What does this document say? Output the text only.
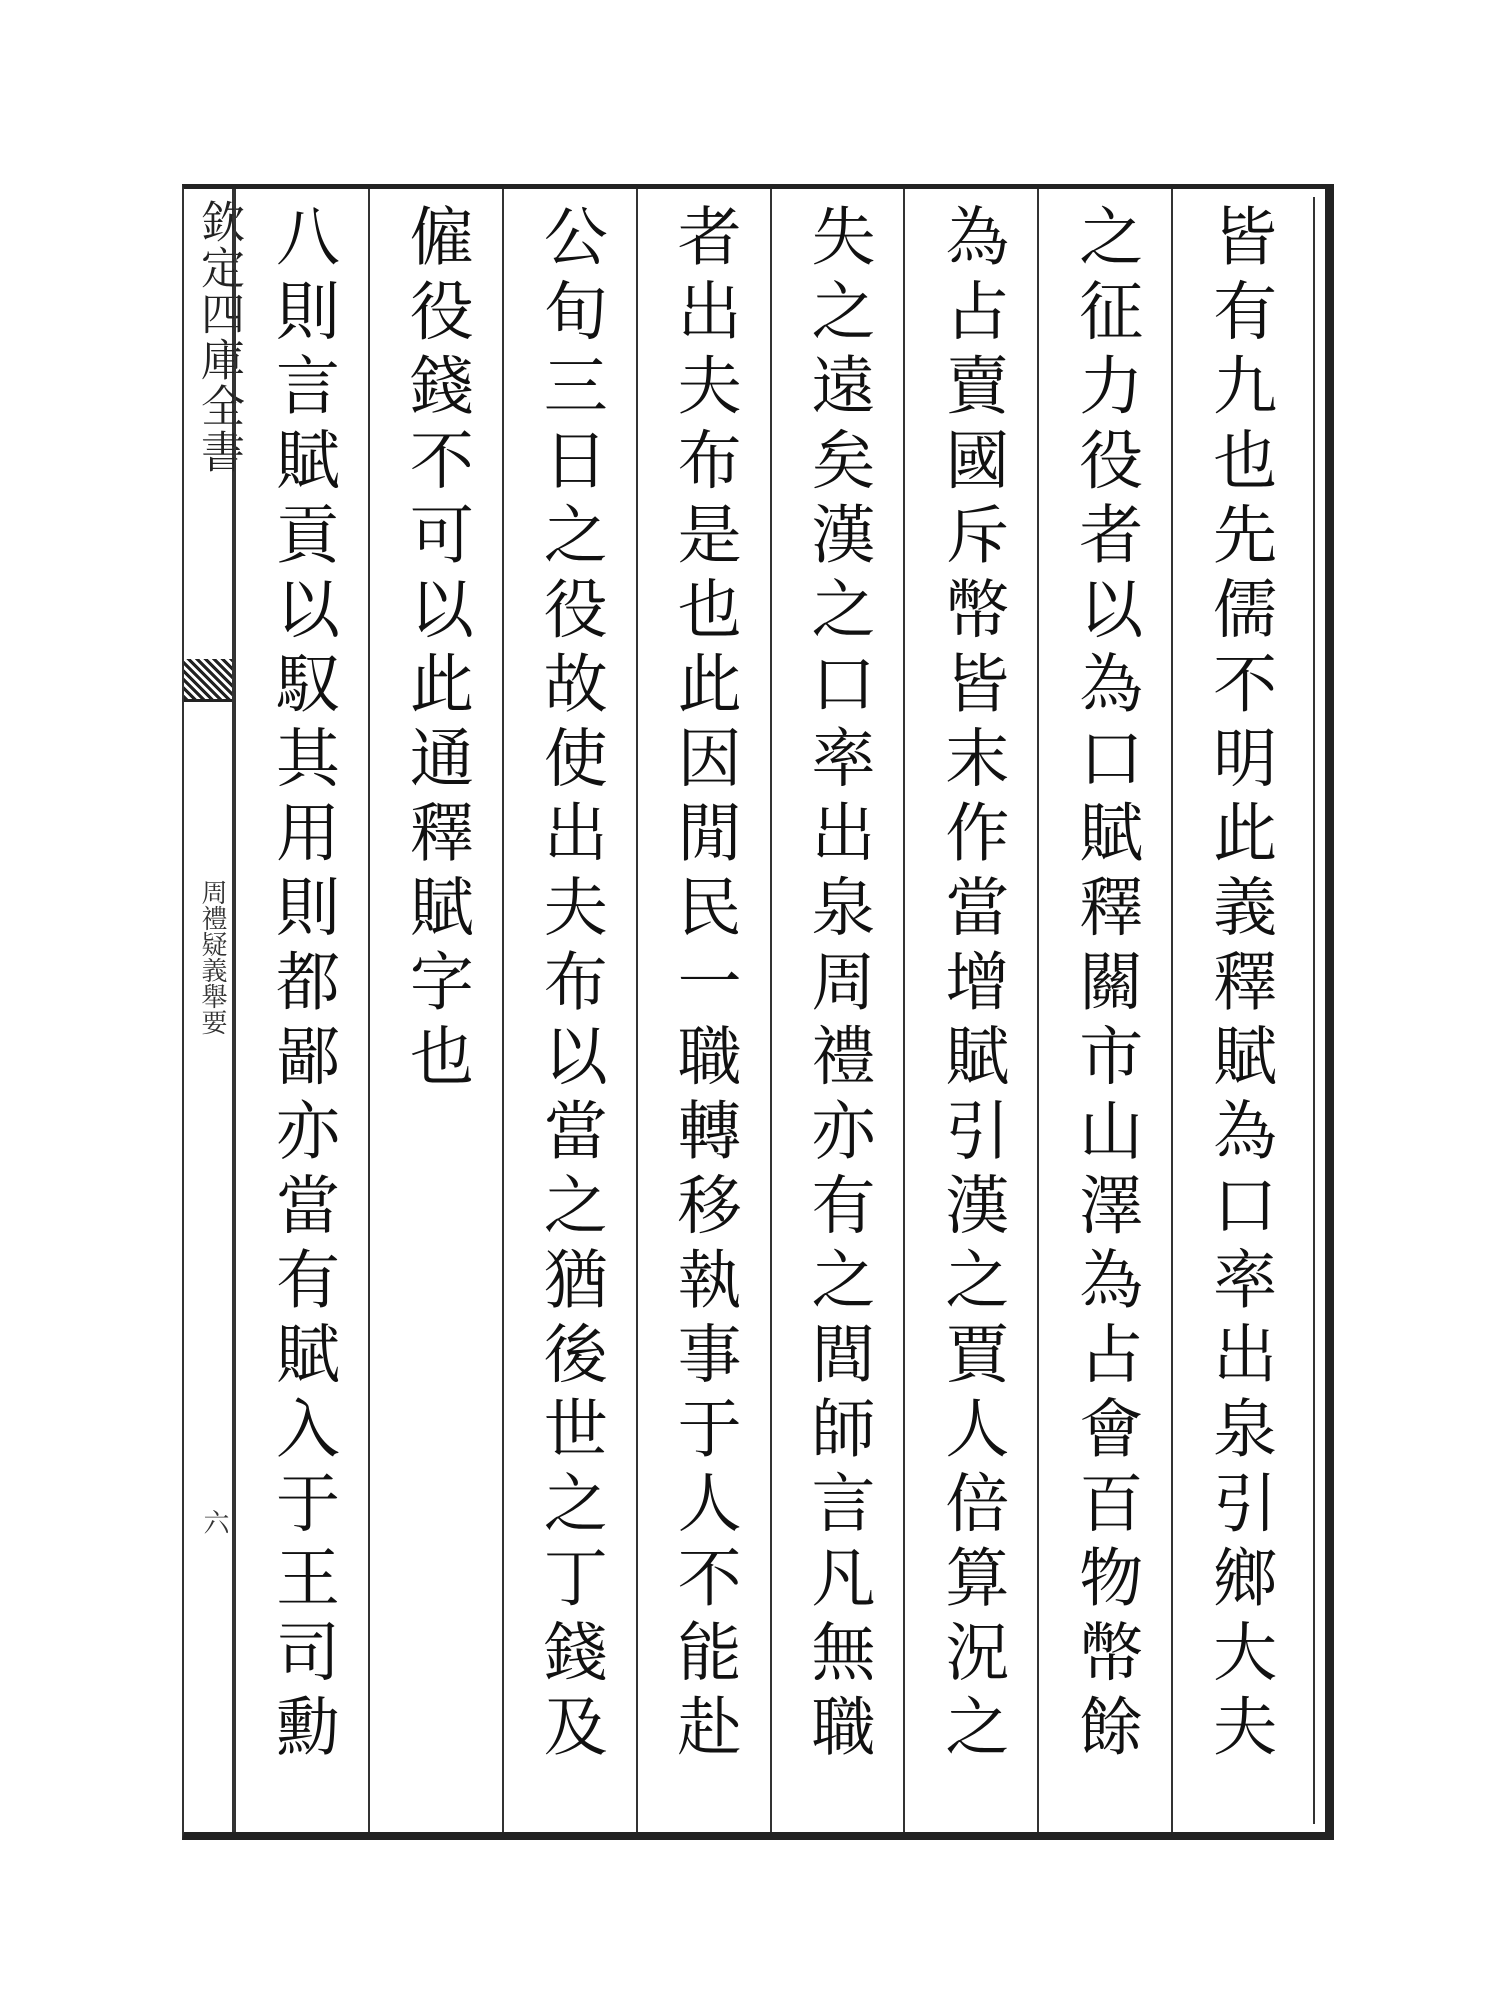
欽定四庫全書
周禮疑義舉要
六	皆有九也先儒不明此義釋賦為口率出泉引鄉大夫
之征力役者以為口賦釋關市山澤為占會百物幣餘
為占賣國斥幣皆末作當增賦引漢之賈人倍算況之
失之遠矣漢之口率出泉周禮亦有之閭師言凡無職
者出夫布是也此因閒民一職轉移執事于人不能赴
公旬三日之役故使出夫布以當之猶後世之丁錢及
僱役錢不可以此通釋賦字也
八則言賦貢以馭其用則都鄙亦當有賦入于王司勳
